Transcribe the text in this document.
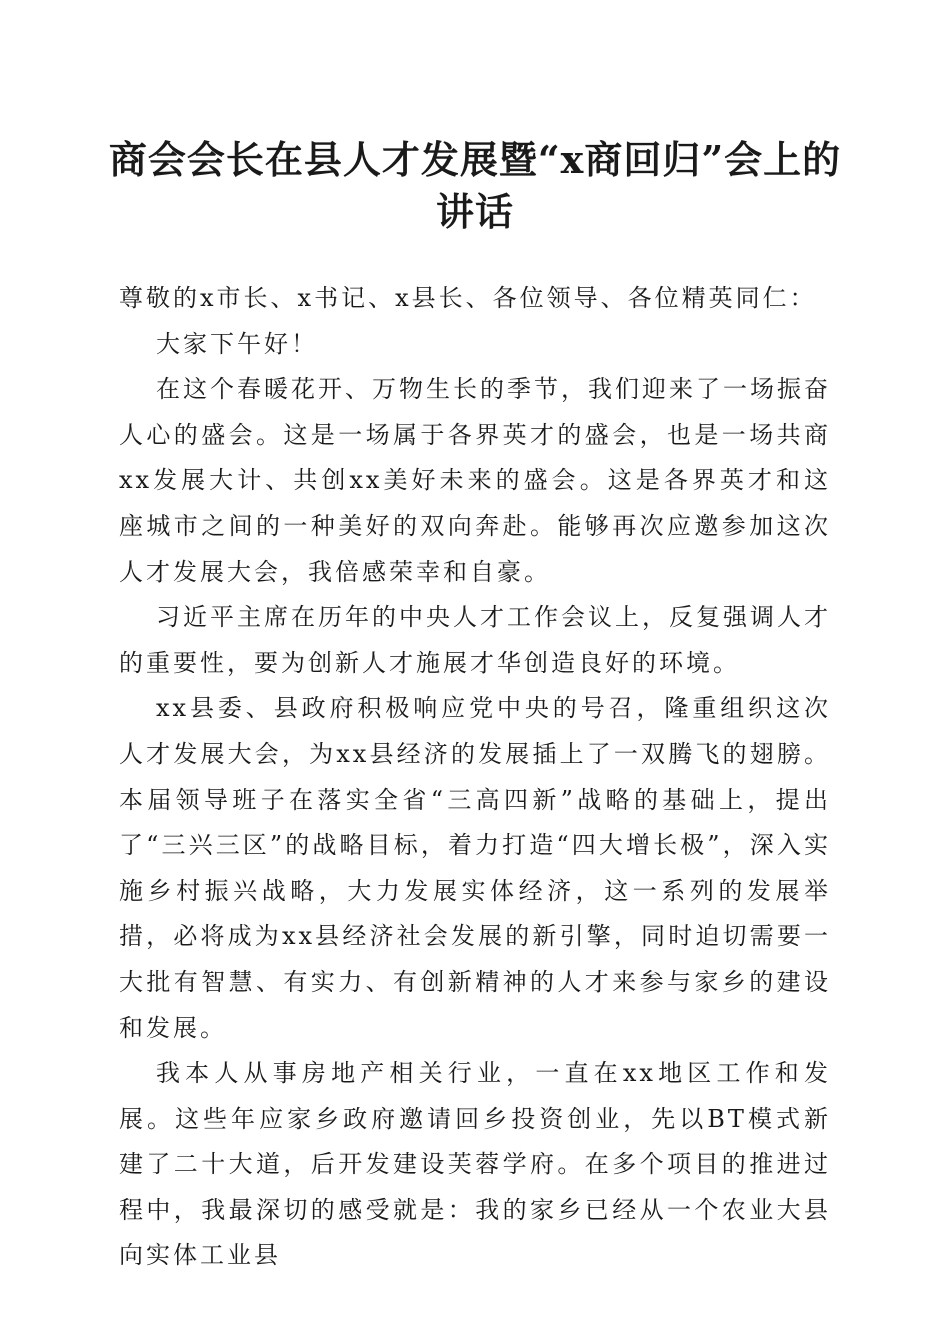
商会会长在县人才发展暨“x商回归”会上的讲话

尊敬的x市长、x书记、x县长、各位领导、各位精英同仁：

大家下午好！

在这个春暖花开、万物生长的季节，我们迎来了一场振奋人心的盛会。这是一场属于各界英才的盛会，也是一场共商xx发展大计、共创xx美好未来的盛会。这是各界英才和这座城市之间的一种美好的双向奔赴。能够再次应邀参加这次人才发展大会，我倍感荣幸和自豪。

习近平主席在历年的中央人才工作会议上，反复强调人才的重要性，要为创新人才施展才华创造良好的环境。

xx县委、县政府积极响应党中央的号召，隆重组织这次人才发展大会，为xx县经济的发展插上了一双腾飞的翅膀。本届领导班子在落实全省“三高四新”战略的基础上，提出了“三兴三区”的战略目标，着力打造“四大增长极”，深入实施乡村振兴战略，大力发展实体经济，这一系列的发展举措，必将成为xx县经济社会发展的新引擎，同时迫切需要一大批有智慧、有实力、有创新精神的人才来参与家乡的建设和发展。

我本人从事房地产相关行业，一直在xx地区工作和发展。这些年应家乡政府邀请回乡投资创业，先以BT模式新建了二十大道，后开发建设芙蓉学府。在多个项目的推进过程中，我最深切的感受就是：我的家乡已经从一个农业大县向实体工业县
